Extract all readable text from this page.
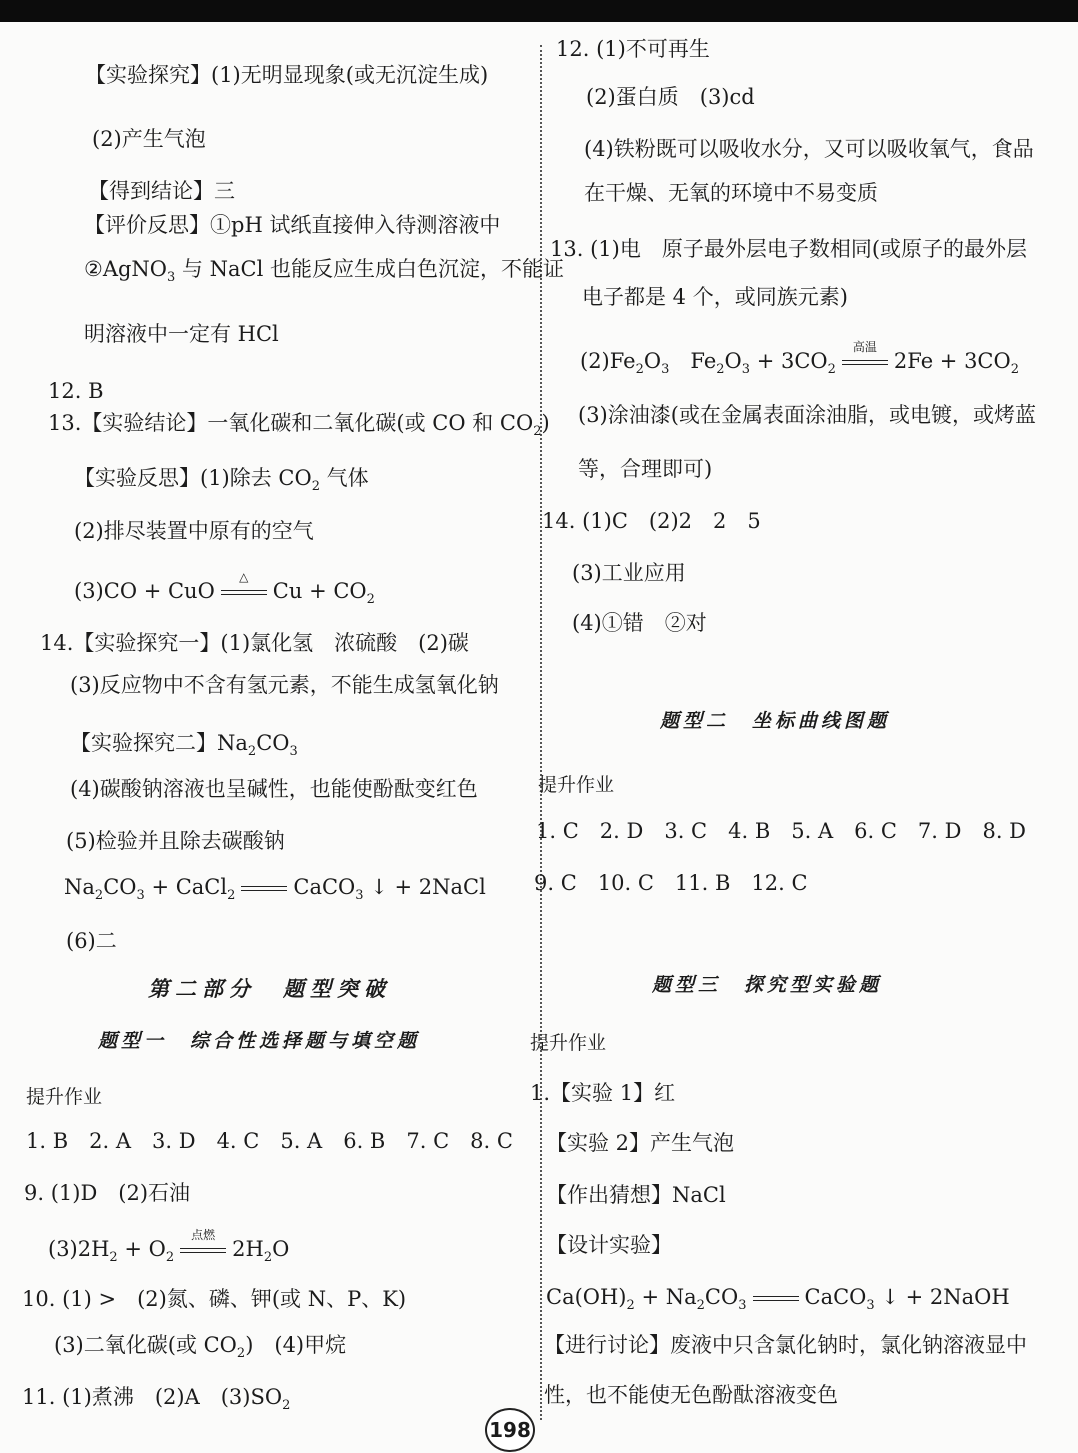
【实验探究】(1)无明显现象(或无沉淀生成)
(2)产生气泡
【得到结论】三
【评价反思】①pH 试纸直接伸入待测溶液中
②AgNO$_3$ 与 NaCl 也能反应生成白色沉淀，不能证
明溶液中一定有 HCl
12. B
13.【实验结论】一氧化碳和二氧化碳(或 CO 和 $CO_2$)
【实验反思】(1)除去 $CO_2$ 气体
(2)排尽装置中原有的空气
(3)CO + CuO
△
$Cu + CO_2$
14.【实验探究一】(1)氯化氢　浓硫酸　(2)碳
(3)反应物中不含有氢元素，不能生成氢氧化钠
【实验探究二】$Na_2CO_3$
(4)碳酸钠溶液也呈碱性，也能使酚酞变红色
(5)检验并且除去碳酸钠
$Na_2CO_3$ + CaCl$_2$	CaCO$_3$ ↓ + 2NaCl
(6)二
第二部分　题型突破
题型一　综合性选择题与填空题
提升作业
1. B　2. A　3. D　4. C　5. A　6. B　7. C　8. C
9. (1)D　(2)石油
$(3)2H_2 + O_2$
点燃
$2H_2O$
10. (1) >　(2)氮、磷、钾(或 N、P、K)
(3)二氧化碳(或 $CO_2$)　(4)甲烷
11. (1)煮沸　(2)A　$(3)SO_2$
12. (1)不可再生
(2)蛋白质　(3)cd
(4)铁粉既可以吸收水分，又可以吸收氧气，食品
在干燥、无氧的环境中不易变质
13. (1)电　原子最外层电子数相同(或原子的最外层
电子都是 4 个，或同族元素)
$(2)Fe_2O_3$　$Fe_2O_3 + 3CO_2$
高温
$2Fe + 3CO_2$
(3)涂油漆(或在金属表面涂油脂，或电镀，或烤蓝
等，合理即可)
14. (1)C　(2)2　2　5
(3)工业应用
(4)①错　②对
题型二　坐标曲线图题
提升作业
1. C　2. D　3. C　4. B　5. A　6. C　7. D　8. D
9. C　10. C　11. B　12. C
题型三　探究型实验题
提升作业
1.【实验 1】红
【实验 2】产生气泡
【作出猜想】NaCl
【设计实验】
$Ca(OH)_2 + Na_2CO_3$	CaCO$_3$ ↓ + 2NaOH
【进行讨论】废液中只含氯化钠时，氯化钠溶液显中
性，也不能使无色酚酞溶液变色
198
